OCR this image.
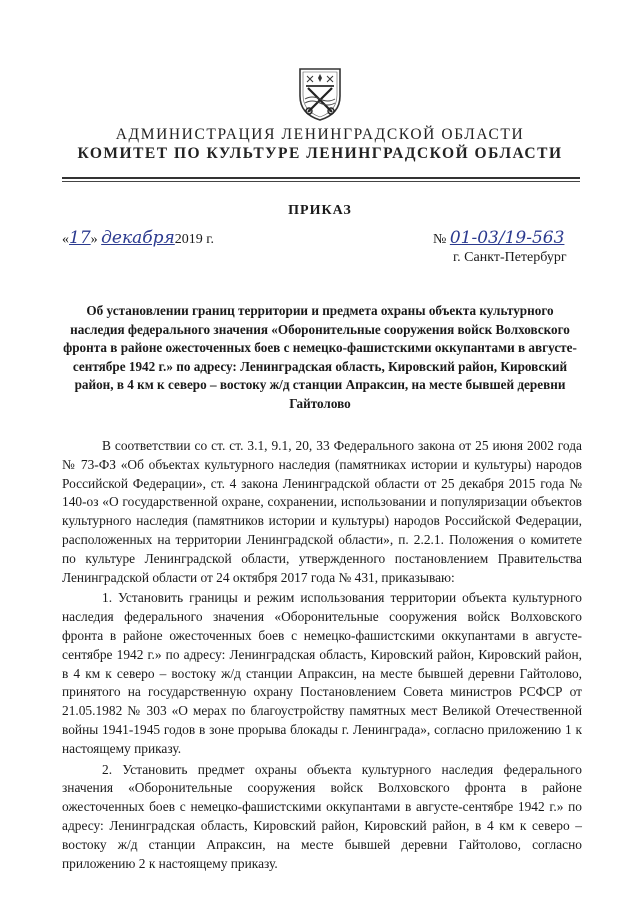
АДМИНИСТРАЦИЯ ЛЕНИНГРАДСКОЙ ОБЛАСТИ
КОМИТЕТ ПО КУЛЬТУРЕ ЛЕНИНГРАДСКОЙ ОБЛАСТИ
ПРИКАЗ
«17» декабря2019 г.	№ 01-03/19-563
г. Санкт-Петербург

Об установлении границ территории и предмета охраны объекта культурного наследия федерального значения «Оборонительные сооружения войск Волховского фронта в районе ожесточенных боев с немецко-фашистскими оккупантами в августе-сентябре 1942 г.» по адресу: Ленинградская область, Кировский район, Кировский район, в 4 км к северо – востоку ж/д станции Апраксин, на месте бывшей деревни Гайтолово

В соответствии со ст. ст. 3.1, 9.1, 20, 33 Федерального закона от 25 июня 2002 года № 73-ФЗ «Об объектах культурного наследия (памятниках истории и культуры) народов Российской Федерации», ст. 4 закона Ленинградской области от 25 декабря 2015 года № 140-оз «О государственной охране, сохранении, использовании и популяризации объектов культурного наследия (памятников истории и культуры) народов Российской Федерации, расположенных на территории Ленинградской области», п. 2.2.1. Положения о комитете по культуре Ленинградской области, утвержденного постановлением Правительства Ленинградской области от 24 октября 2017 года № 431, приказываю:

1. Установить границы и режим использования территории объекта культурного наследия федерального значения «Оборонительные сооружения войск Волховского фронта в районе ожесточенных боев с немецко-фашистскими оккупантами в августе-сентябре 1942 г.» по адресу: Ленинградская область, Кировский район, Кировский район, в 4 км к северо – востоку ж/д станции Апраксин, на месте бывшей деревни Гайтолово, принятого на государственную охрану Постановлением Совета министров РСФСР от 21.05.1982 № 303 «О мерах по благоустройству памятных мест Великой Отечественной войны 1941-1945 годов в зоне прорыва блокады г. Ленинграда», согласно приложению 1 к настоящему приказу.

2. Установить предмет охраны объекта культурного наследия федерального значения «Оборонительные сооружения войск Волховского фронта в районе ожесточенных боев с немецко-фашистскими оккупантами в августе-сентябре 1942 г.» по адресу: Ленинградская область, Кировский район, Кировский район, в 4 км к северо – востоку ж/д станции Апраксин, на месте бывшей деревни Гайтолово, согласно приложению 2 к настоящему приказу.
